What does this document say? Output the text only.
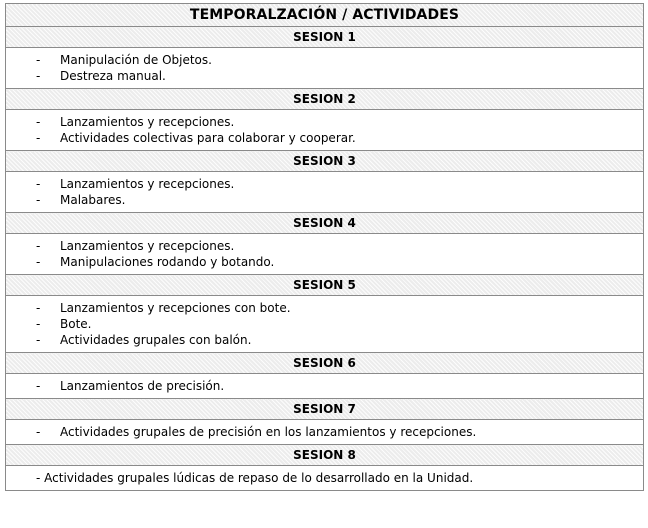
TEMPORALZACIÓN / ACTIVIDADES
SESION 1

- Manipulación de Objetos.
- Destreza manual.

SESION 2

- Lanzamientos y recepciones.
- Actividades colectivas para colaborar y cooperar.

SESION 3

- Lanzamientos y recepciones.
- Malabares.

SESION 4

- Lanzamientos y recepciones.
- Manipulaciones rodando y botando.

SESION 5

- Lanzamientos y recepciones con bote.
- Bote.
- Actividades grupales con balón.

SESION 6

- Lanzamientos de precisión.

SESION 7

- Actividades grupales de precisión en los lanzamientos y recepciones.

SESION 8

- Actividades grupales lúdicas de repaso de lo desarrollado en la Unidad.
